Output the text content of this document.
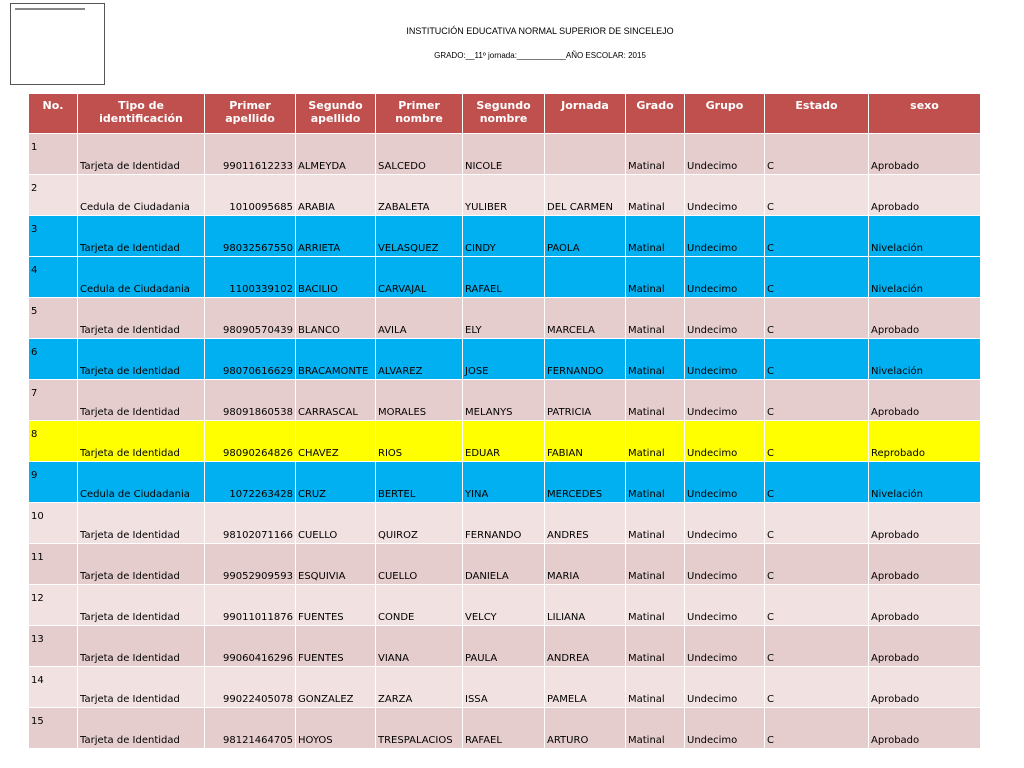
INSTITUCIÓN EDUCATIVA NORMAL SUPERIOR DE SINCELEJO
GRADO:__11º jornada:___________AÑO ESCOLAR: 2015
No.	Tipo de identificación	Primer apellido	Segundo apellido	Primer nombre	Segundo nombre	Jornada	Grado	Grupo	Estado	sexo

1	Tarjeta de Identidad	99011612233	ALMEYDA	SALCEDO	NICOLE		Matinal	Undecimo	C	Aprobado

2	Cedula de Ciudadania	1010095685	ARABIA	ZABALETA	YULIBER	DEL CARMEN	Matinal	Undecimo	C	Aprobado

3	Tarjeta de Identidad	98032567550	ARRIETA	VELASQUEZ	CINDY	PAOLA	Matinal	Undecimo	C	Nivelación

4	Cedula de Ciudadania	1100339102	BACILIO	CARVAJAL	RAFAEL		Matinal	Undecimo	C	Nivelación

5	Tarjeta de Identidad	98090570439	BLANCO	AVILA	ELY	MARCELA	Matinal	Undecimo	C	Aprobado

6	Tarjeta de Identidad	98070616629	BRACAMONTE	ALVAREZ	JOSE	FERNANDO	Matinal	Undecimo	C	Nivelación

7	Tarjeta de Identidad	98091860538	CARRASCAL	MORALES	MELANYS	PATRICIA	Matinal	Undecimo	C	Aprobado

8	Tarjeta de Identidad	98090264826	CHAVEZ	RIOS	EDUAR	FABIAN	Matinal	Undecimo	C	Reprobado

9	Cedula de Ciudadania	1072263428	CRUZ	BERTEL	YINA	MERCEDES	Matinal	Undecimo	C	Nivelación

10	Tarjeta de Identidad	98102071166	CUELLO	QUIROZ	FERNANDO	ANDRES	Matinal	Undecimo	C	Aprobado

11	Tarjeta de Identidad	99052909593	ESQUIVIA	CUELLO	DANIELA	MARIA	Matinal	Undecimo	C	Aprobado

12	Tarjeta de Identidad	99011011876	FUENTES	CONDE	VELCY	LILIANA	Matinal	Undecimo	C	Aprobado

13	Tarjeta de Identidad	99060416296	FUENTES	VIANA	PAULA	ANDREA	Matinal	Undecimo	C	Aprobado

14	Tarjeta de Identidad	99022405078	GONZALEZ	ZARZA	ISSA	PAMELA	Matinal	Undecimo	C	Aprobado

15	Tarjeta de Identidad	98121464705	HOYOS	TRESPALACIOS	RAFAEL	ARTURO	Matinal	Undecimo	C	Aprobado
